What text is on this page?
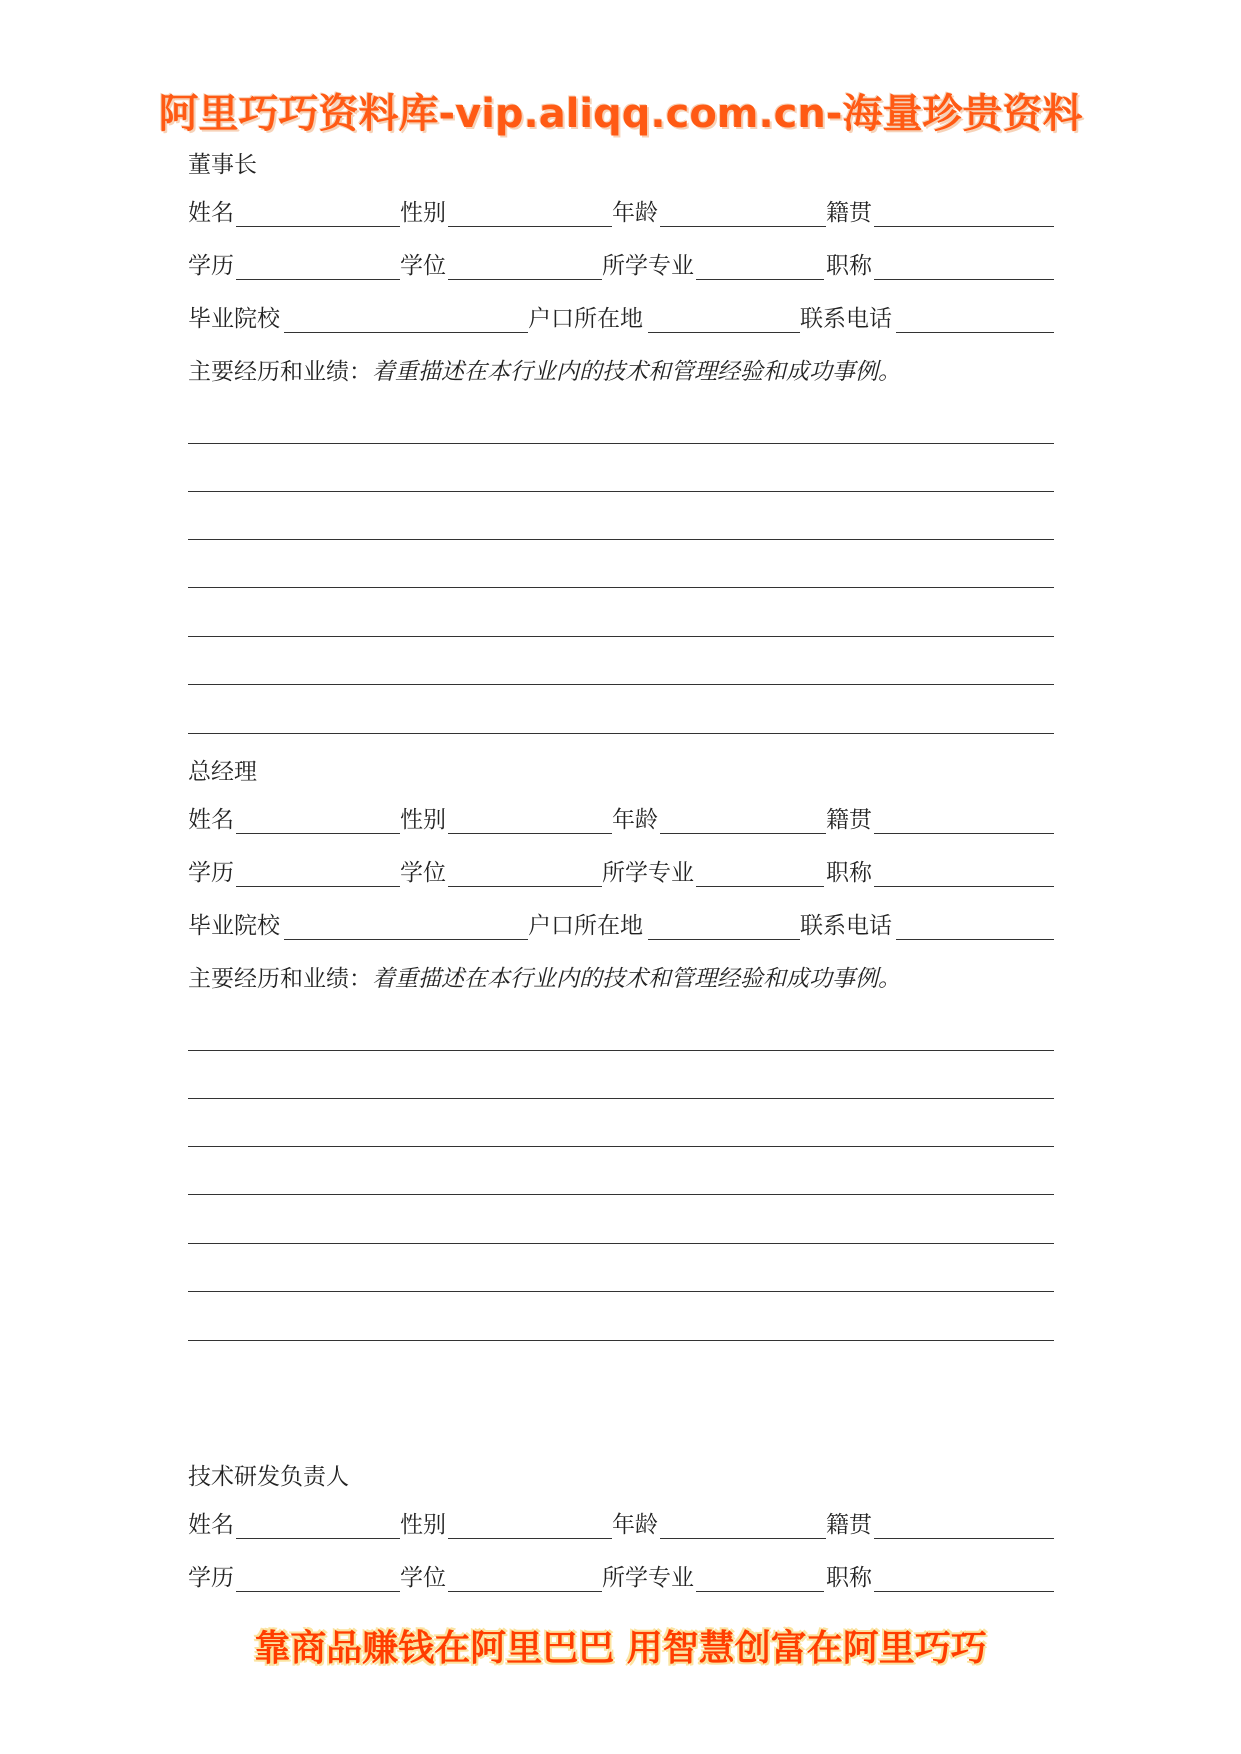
阿里巧巧资料库-vip.aliqq.com.cn-海量珍贵资料
董事长
姓名	性别	年龄	籍贯
学历	学位	所学专业	职称
毕业院校	户口所在地	联系电话
主要经历和业绩：着重描述在本行业内的技术和管理经验和成功事例。
总经理
姓名	性别	年龄	籍贯
学历	学位	所学专业	职称
毕业院校	户口所在地	联系电话
主要经历和业绩：着重描述在本行业内的技术和管理经验和成功事例。
技术研发负责人
姓名	性别	年龄	籍贯
学历	学位	所学专业	职称
靠商品赚钱在阿里巴巴 用智慧创富在阿里巧巧
